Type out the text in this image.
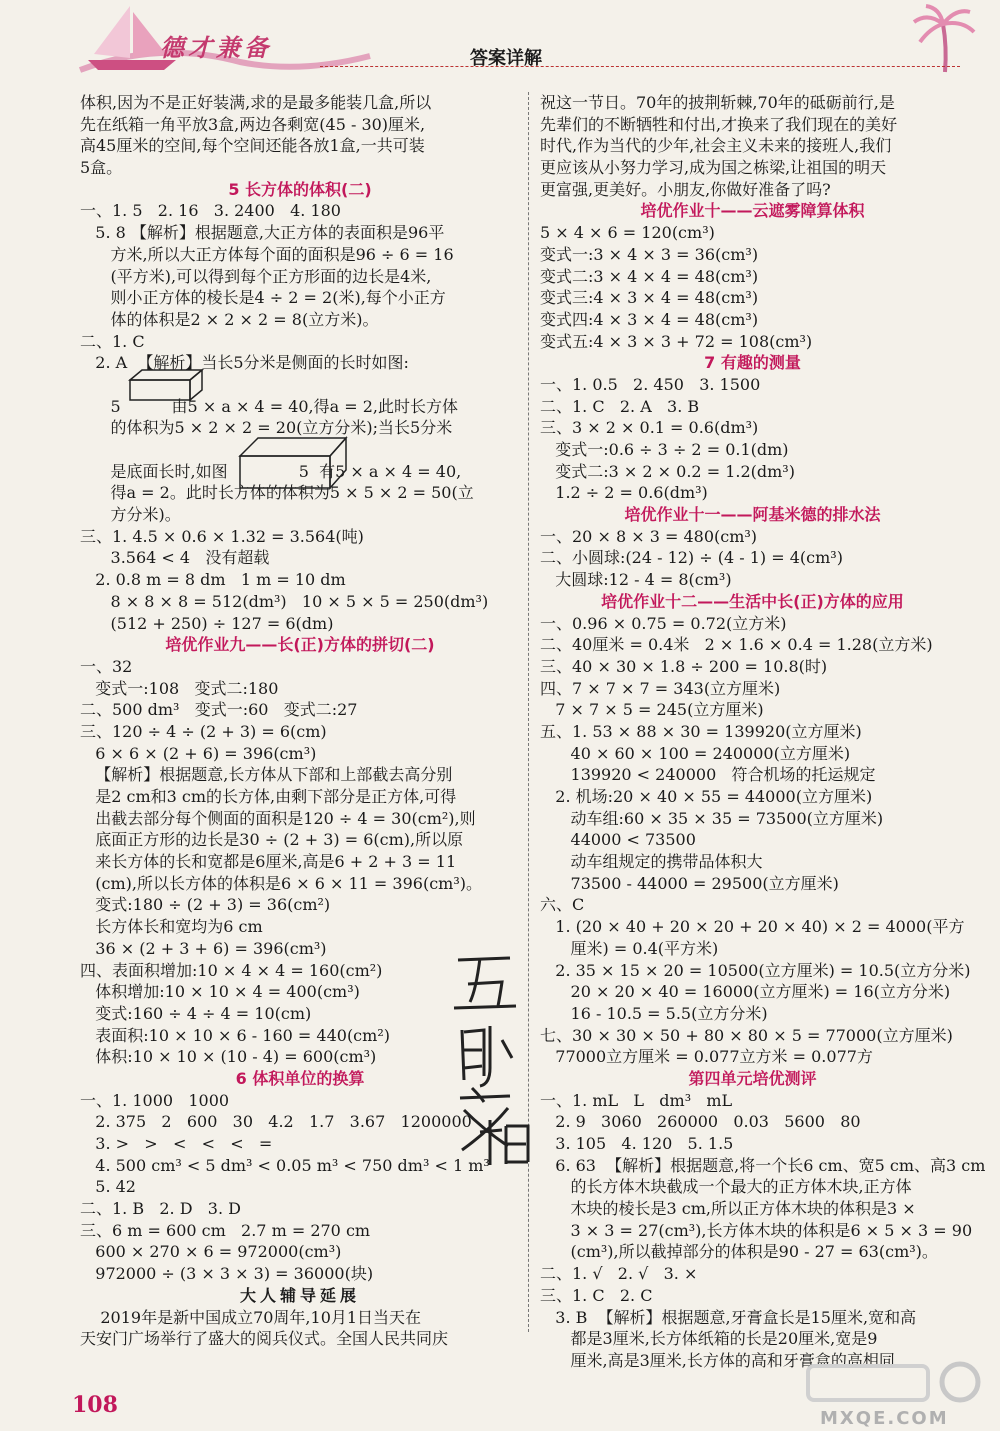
德才兼备	答案详解
体积,因为不是正好装满,求的是最多能装几盒,所以
先在纸箱一角平放3盒,两边各剩宽(45 - 30)厘米,
高45厘米的空间,每个空间还能各放1盒,一共可装
5盒。
5 长方体的体积(二)
一、1. 5   2. 16   3. 2400   4. 180
5. 8 【解析】根据题意,大正方体的表面积是96平
方米,所以大正方体每个面的面积是96 ÷ 6 = 16
(平方米),可以得到每个正方形面的边长是4米,
则小正方体的棱长是4 ÷ 2 = 2(米),每个小正方
体的体积是2 × 2 × 2 = 8(立方米)。
二、1. C
2. A  【解析】当长5分米是侧面的长时如图:
5          由5 × a × 4 = 40,得a = 2,此时长方体
的体积为5 × 2 × 2 = 20(立方分米);当长5分米
是底面长时,如图              5  有5 × a × 4 = 40,
得a = 2。此时长方体的体积为5 × 5 × 2 = 50(立
方分米)。
三、1. 4.5 × 0.6 × 1.32 = 3.564(吨)
3.564 < 4   没有超载
2. 0.8 m = 8 dm   1 m = 10 dm
8 × 8 × 8 = 512(dm³)   10 × 5 × 5 = 250(dm³)
(512 + 250) ÷ 127 = 6(dm)
培优作业九——长(正)方体的拼切(二)
一、32
变式一:108   变式二:180
二、500 dm³   变式一:60   变式二:27
三、120 ÷ 4 ÷ (2 + 3) = 6(cm)
6 × 6 × (2 + 6) = 396(cm³)
【解析】根据题意,长方体从下部和上部截去高分别
是2 cm和3 cm的长方体,由剩下部分是正方体,可得
出截去部分每个侧面的面积是120 ÷ 4 = 30(cm²),则
底面正方形的边长是30 ÷ (2 + 3) = 6(cm),所以原
来长方体的长和宽都是6厘米,高是6 + 2 + 3 = 11
(cm),所以长方体的体积是6 × 6 × 11 = 396(cm³)。
变式:180 ÷ (2 + 3) = 36(cm²)
长方体长和宽均为6 cm
36 × (2 + 3 + 6) = 396(cm³)
四、表面积增加:10 × 4 × 4 = 160(cm²)
体积增加:10 × 10 × 4 = 400(cm³)
变式:160 ÷ 4 ÷ 4 = 10(cm)
表面积:10 × 10 × 6 - 160 = 440(cm²)
体积:10 × 10 × (10 - 4) = 600(cm³)
6 体积单位的换算
一、1. 1000   1000
2. 375   2   600   30   4.2   1.7   3.67   1200000
3. >   >   <   <   <   =
4. 500 cm³ < 5 dm³ < 0.05 m³ < 750 dm³ < 1 m³
5. 42
二、1. B   2. D   3. D
三、6 m = 600 cm   2.7 m = 270 cm
600 × 270 × 6 = 972000(cm³)
972000 ÷ (3 × 3 × 3) = 36000(块)
大人辅导延展
2019年是新中国成立70周年,10月1日当天在
天安门广场举行了盛大的阅兵仪式。全国人民共同庆
祝这一节日。70年的披荆斩棘,70年的砥砺前行,是
先辈们的不断牺牲和付出,才换来了我们现在的美好
时代,作为当代的少年,社会主义未来的接班人,我们
更应该从小努力学习,成为国之栋梁,让祖国的明天
更富强,更美好。小朋友,你做好准备了吗?
培优作业十——云遮雾障算体积
5 × 4 × 6 = 120(cm³)
变式一:3 × 4 × 3 = 36(cm³)
变式二:3 × 4 × 4 = 48(cm³)
变式三:4 × 3 × 4 = 48(cm³)
变式四:4 × 3 × 4 = 48(cm³)
变式五:4 × 3 × 3 + 72 = 108(cm³)
7 有趣的测量
一、1. 0.5   2. 450   3. 1500
二、1. C   2. A   3. B
三、3 × 2 × 0.1 = 0.6(dm³)
变式一:0.6 ÷ 3 ÷ 2 = 0.1(dm)
变式二:3 × 2 × 0.2 = 1.2(dm³)
1.2 ÷ 2 = 0.6(dm³)
培优作业十一——阿基米德的排水法
一、20 × 8 × 3 = 480(cm³)
二、小圆球:(24 - 12) ÷ (4 - 1) = 4(cm³)
大圆球:12 - 4 = 8(cm³)
培优作业十二——生活中长(正)方体的应用
一、0.96 × 0.75 = 0.72(立方米)
二、40厘米 = 0.4米   2 × 1.6 × 0.4 = 1.28(立方米)
三、40 × 30 × 1.8 ÷ 200 = 10.8(时)
四、7 × 7 × 7 = 343(立方厘米)
7 × 7 × 5 = 245(立方厘米)
五、1. 53 × 88 × 30 = 139920(立方厘米)
40 × 60 × 100 = 240000(立方厘米)
139920 < 240000   符合机场的托运规定
2. 机场:20 × 40 × 55 = 44000(立方厘米)
动车组:60 × 35 × 35 = 73500(立方厘米)
44000 < 73500
动车组规定的携带品体积大
73500 - 44000 = 29500(立方厘米)
六、C
1. (20 × 40 + 20 × 20 + 20 × 40) × 2 = 4000(平方
厘米) = 0.4(平方米)
2. 35 × 15 × 20 = 10500(立方厘米) = 10.5(立方分米)
20 × 20 × 40 = 16000(立方厘米) = 16(立方分米)
16 - 10.5 = 5.5(立方分米)
七、30 × 30 × 50 + 80 × 80 × 5 = 77000(立方厘米)
77000立方厘米 = 0.077立方米 = 0.077方
第四单元培优测评
一、1. mL   L   dm³   mL
2. 9   3060   260000   0.03   5600   80
3. 105   4. 120   5. 1.5
6. 63  【解析】根据题意,将一个长6 cm、宽5 cm、高3 cm
的长方体木块截成一个最大的正方体木块,正方体
木块的棱长是3 cm,所以正方体木块的体积是3 ×
3 × 3 = 27(cm³),长方体木块的体积是6 × 5 × 3 = 90
(cm³),所以截掉部分的体积是90 - 27 = 63(cm³)。
二、1. √   2. √   3. ×
三、1. C   2. C
3. B  【解析】根据题意,牙膏盒长是15厘米,宽和高
都是3厘米,长方体纸箱的长是20厘米,宽是9
厘米,高是3厘米,长方体的高和牙膏盒的高相同
108
MXQE.COM
